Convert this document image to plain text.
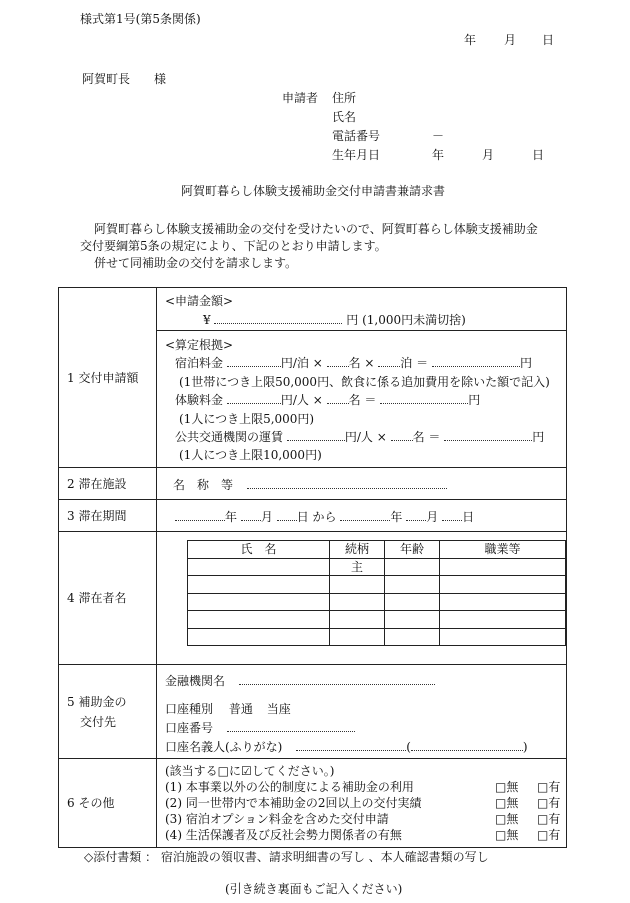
様式第1号(第5条関係)
年 月 日
阿賀町長　　様
申請者 住所
氏名
電話番号	－
生年月日	年	月	日
阿賀町暮らし体験支援補助金交付申請書兼請求書
阿賀町暮らし体験支援補助金の交付を受けたいので、阿賀町暮らし体験支援補助金
交付要綱第5条の規定により、下記のとおり申請します。
併せて同補助金の交付を請求します。
1 交付申請額	
<申請金額>
¥	円 (1,000円未満切捨)
<算定根拠>
宿泊料金	円/泊 × 名 × 泊 ＝	円
(1世帯につき上限50,000円、飲食に係る追加費用を除いた額で記入)
体験料金	円/人 × 名 ＝	円
(1人につき上限5,000円)
公共交通機関の運賃	円/人 × 名 ＝	円
(1人につき上限10,000円)

2 滞在施設	名　称　等

3 滞在期間	年 月 日 から	年 月 日

4 滞在者名	
氏　名	続柄	年齢	職業等
	主		

5 補助金の
交付先

金融機関名
口座種別 普通 当座
口座番号
口座名義人(ふりがな)	(	)

6 その他	
(該当する□に☑してください。)
(1) 本事業以外の公的制度による補助金の利用	□無 □有
(2) 同一世帯内で本補助金の2回以上の交付実績	□無 □有
(3) 宿泊オプション料金を含めた交付申請	□無 □有
(4) 生活保護者及び反社会勢力関係者の有無	□無 □有
◇添付書類 ： 宿泊施設の領収書、請求明細書の写し 、本人確認書類の写し
(引き続き裏面もご記入ください)
